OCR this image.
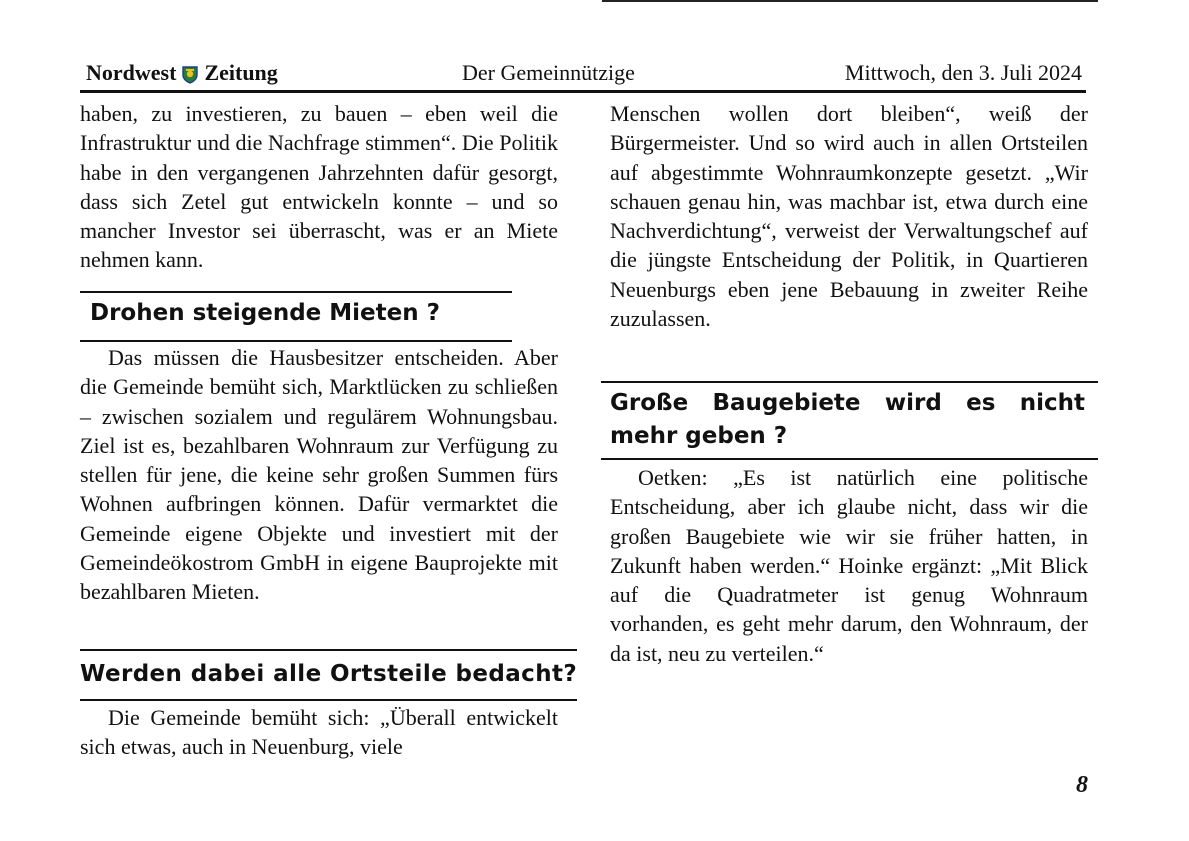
Nordwest Zeitung	Der Gemeinnützige	Mittwoch, den 3. Juli 2024

haben, zu investieren, zu bauen – eben weil die Infrastruktur und die Nachfrage stimmen“. Die Politik habe in den vergangenen Jahrzehnten dafür gesorgt, dass sich Zetel gut entwickeln konnte – und so mancher Investor sei überrascht, was er an Miete nehmen kann.

Drohen steigende Mieten ?

Das müssen die Hausbesitzer entscheiden. Aber die Gemeinde bemüht sich, Marktlücken zu schließen – zwischen sozialem und regulärem Wohnungsbau. Ziel ist es, bezahlbaren Wohnraum zur Verfügung zu stellen für jene, die keine sehr großen Summen fürs Wohnen aufbringen können. Dafür vermarktet die Gemeinde eigene Objekte und investiert mit der Gemeindeökostrom GmbH in eigene Bauprojekte mit bezahlbaren Mieten.

Werden dabei alle Ortsteile bedacht?

Die Gemeinde bemüht sich: „Überall entwickelt sich etwas, auch in Neuenburg, viele

Menschen wollen dort bleiben“, weiß der Bürgermeister. Und so wird auch in allen Ortsteilen auf abgestimmte Wohnraumkonzepte gesetzt. „Wir schauen genau hin, was machbar ist, etwa durch eine Nachverdichtung“, verweist der Verwaltungschef auf die jüngste Entscheidung der Politik, in Quartieren Neuenburgs eben jene Bebauung in zweiter Reihe zuzulassen.

Große Baugebiete wird es nicht mehr geben ?

Oetken: „Es ist natürlich eine politische Entscheidung, aber ich glaube nicht, dass wir die großen Baugebiete wie wir sie früher hatten, in Zukunft haben werden.“ Hoinke ergänzt: „Mit Blick auf die Quadratmeter ist genug Wohnraum vorhanden, es geht mehr darum, den Wohnraum, der da ist, neu zu verteilen.“

8
